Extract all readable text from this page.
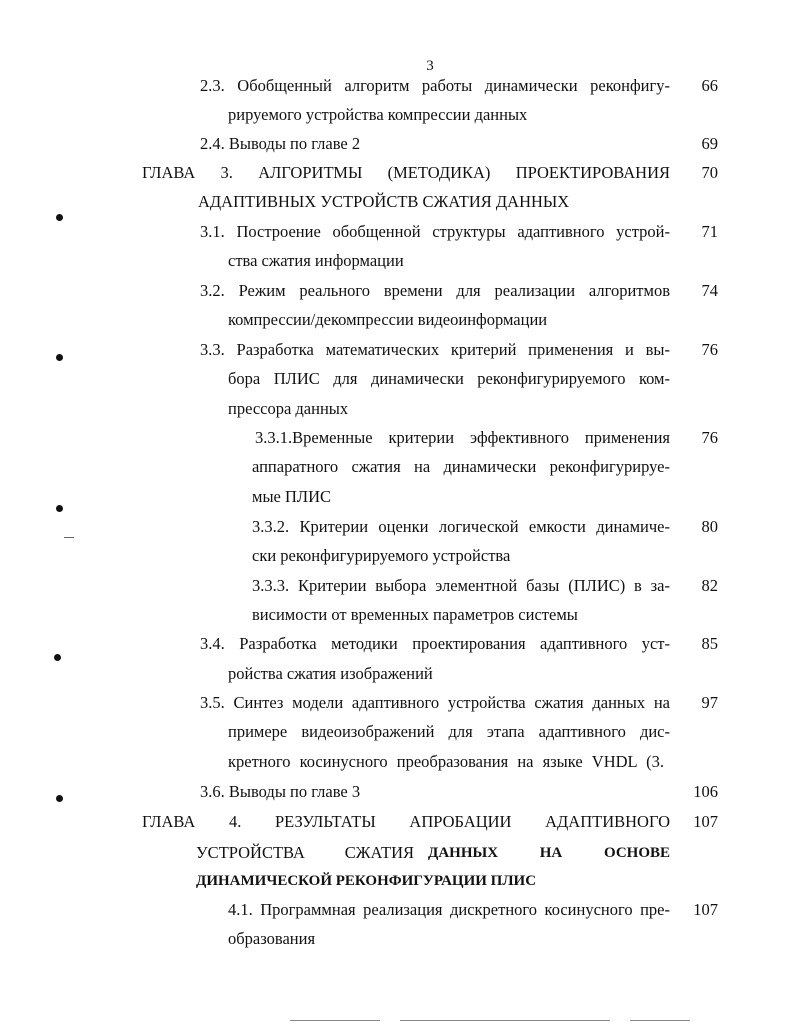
3
2.3. Обобщенный алгоритм работы динамически реконфигу-
рируемого устройства компрессии данных
66
2.4. Выводы по главе 2	69
ГЛАВА 3. АЛГОРИТМЫ (МЕТОДИКА) ПРОЕКТИРОВАНИЯ
АДАПТИВНЫХ УСТРОЙСТВ СЖАТИЯ ДАННЫХ
70
3.1. Построение обобщенной структуры адаптивного устрой-
ства сжатия информации
71
3.2. Режим реального времени для реализации алгоритмов
компрессии/декомпрессии видеоинформации
74
3.3. Разработка математических критерий применения и вы-
бора ПЛИС для динамически реконфигурируемого ком-
прессора данных
76
3.3.1.Временные критерии эффективного применения
аппаратного сжатия на динамически реконфигурируе-
мые ПЛИС
76
3.3.2. Критерии оценки логической емкости динамиче-
ски реконфигурируемого устройства
80
3.3.3. Критерии выбора элементной базы (ПЛИС) в за-
висимости от временных параметров системы
82
3.4. Разработка методики проектирования адаптивного уст-
ройства сжатия изображений
85
3.5. Синтез модели адаптивного устройства сжатия данных на
примере видеоизображений для этапа адаптивного дис-
кретного косинусного преобразования на языке VHDL (3.
97
3.6. Выводы по главе 3	106
ГЛАВА 4. РЕЗУЛЬТАТЫ АПРОБАЦИИ АДАПТИВНОГО
УСТРОЙСТВА СЖАТИЯ ДАННЫХ НА ОСНОВЕ
ДИНАМИЧЕСКОЙ РЕКОНФИГУРАЦИИ ПЛИС
107
4.1. Программная реализация дискретного косинусного пре-
образования
107
